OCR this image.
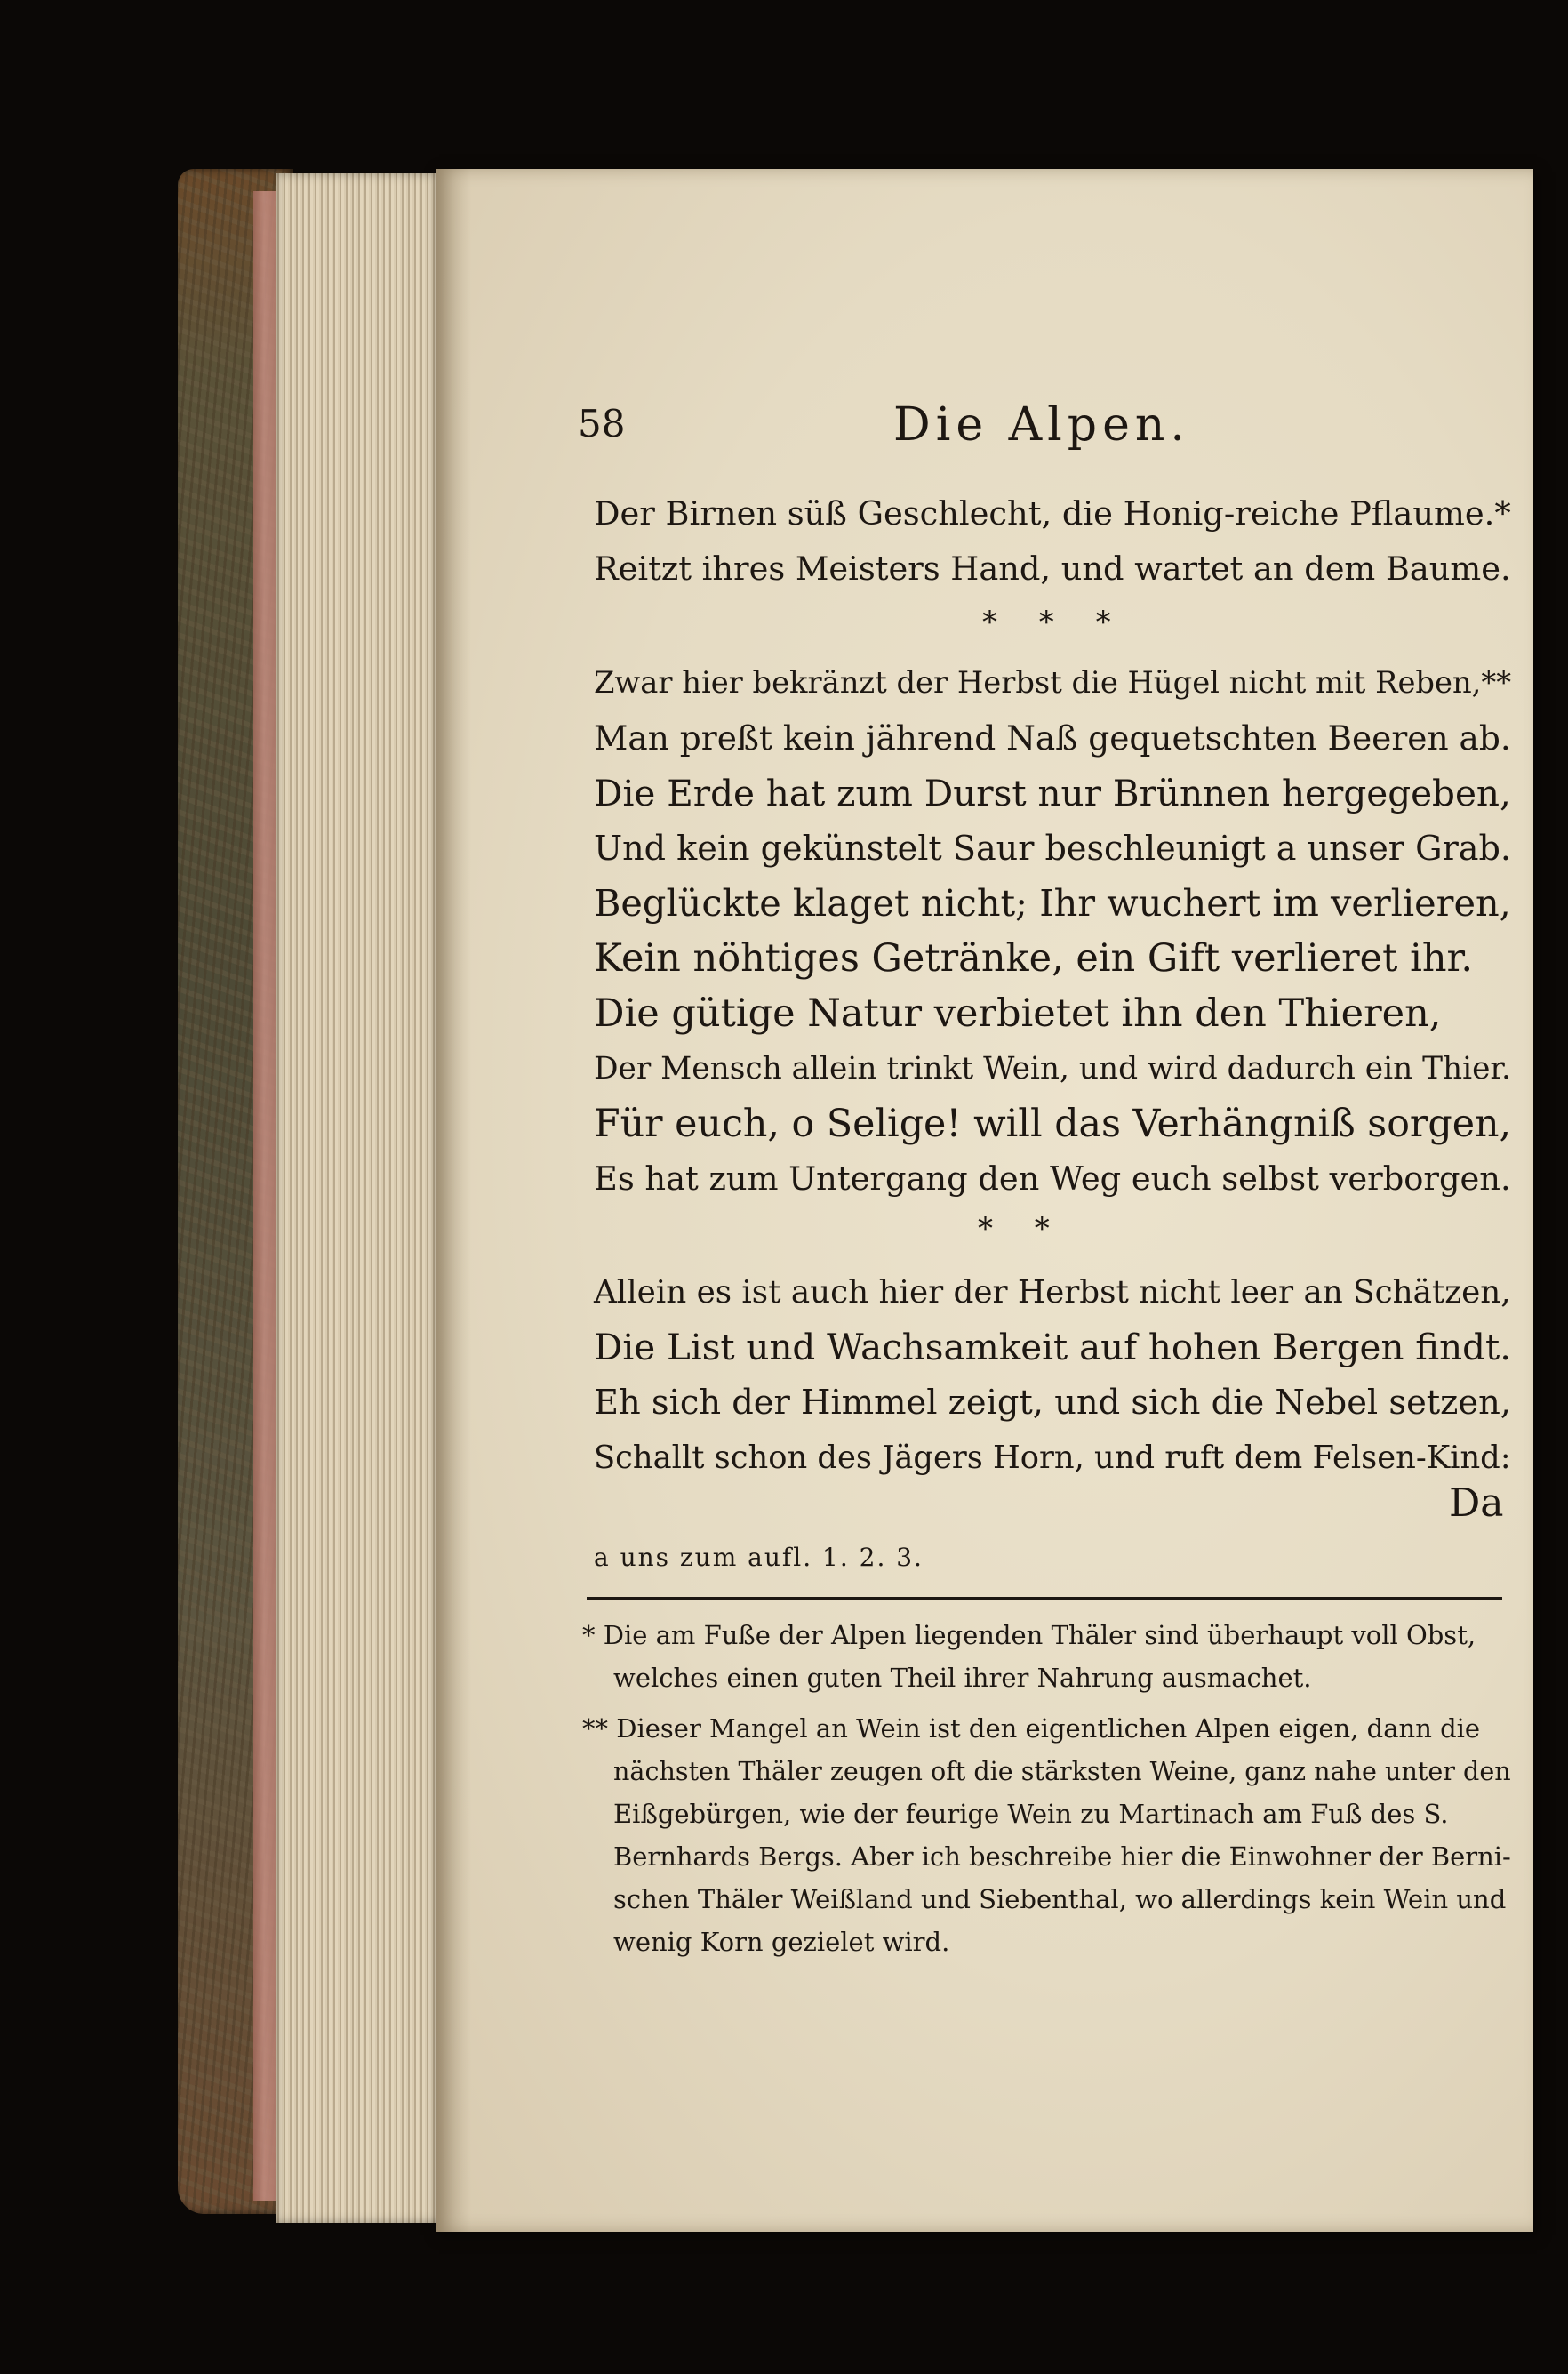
58	Die Alpen.
Der Birnen süß Geschlecht, die Honig-reiche Pflaume.*
Reitzt ihres Meisters Hand, und wartet an dem Baume.
* * *
Zwar hier bekränzt der Herbst die Hügel nicht mit Reben,**
Man preßt kein jährend Naß gequetschten Beeren ab.
Die Erde hat zum Durst nur Brünnen hergegeben,
Und kein gekünstelt Saur beschleunigt a unser Grab.
Beglückte klaget nicht; Ihr wuchert im verlieren,
Kein nöhtiges Getränke, ein Gift verlieret ihr.
Die gütige Natur verbietet ihn den Thieren,
Der Mensch allein trinkt Wein, und wird dadurch ein Thier.
Für euch, o Selige! will das Verhängniß sorgen,
Es hat zum Untergang den Weg euch selbst verborgen.
* *
Allein es ist auch hier der Herbst nicht leer an Schätzen,
Die List und Wachsamkeit auf hohen Bergen findt.
Eh sich der Himmel zeigt, und sich die Nebel setzen,
Schallt schon des Jägers Horn, und ruft dem Felsen-Kind:
Da
a uns zum aufl. 1. 2. 3.
* Die am Fuße der Alpen liegenden Thäler sind überhaupt voll Obst,
welches einen guten Theil ihrer Nahrung ausmachet.
** Dieser Mangel an Wein ist den eigentlichen Alpen eigen, dann die
nächsten Thäler zeugen oft die stärksten Weine, ganz nahe unter den
Eißgebürgen, wie der feurige Wein zu Martinach am Fuß des S.
Bernhards Bergs. Aber ich beschreibe hier die Einwohner der Berni-
schen Thäler Weißland und Siebenthal, wo allerdings kein Wein und
wenig Korn gezielet wird.
